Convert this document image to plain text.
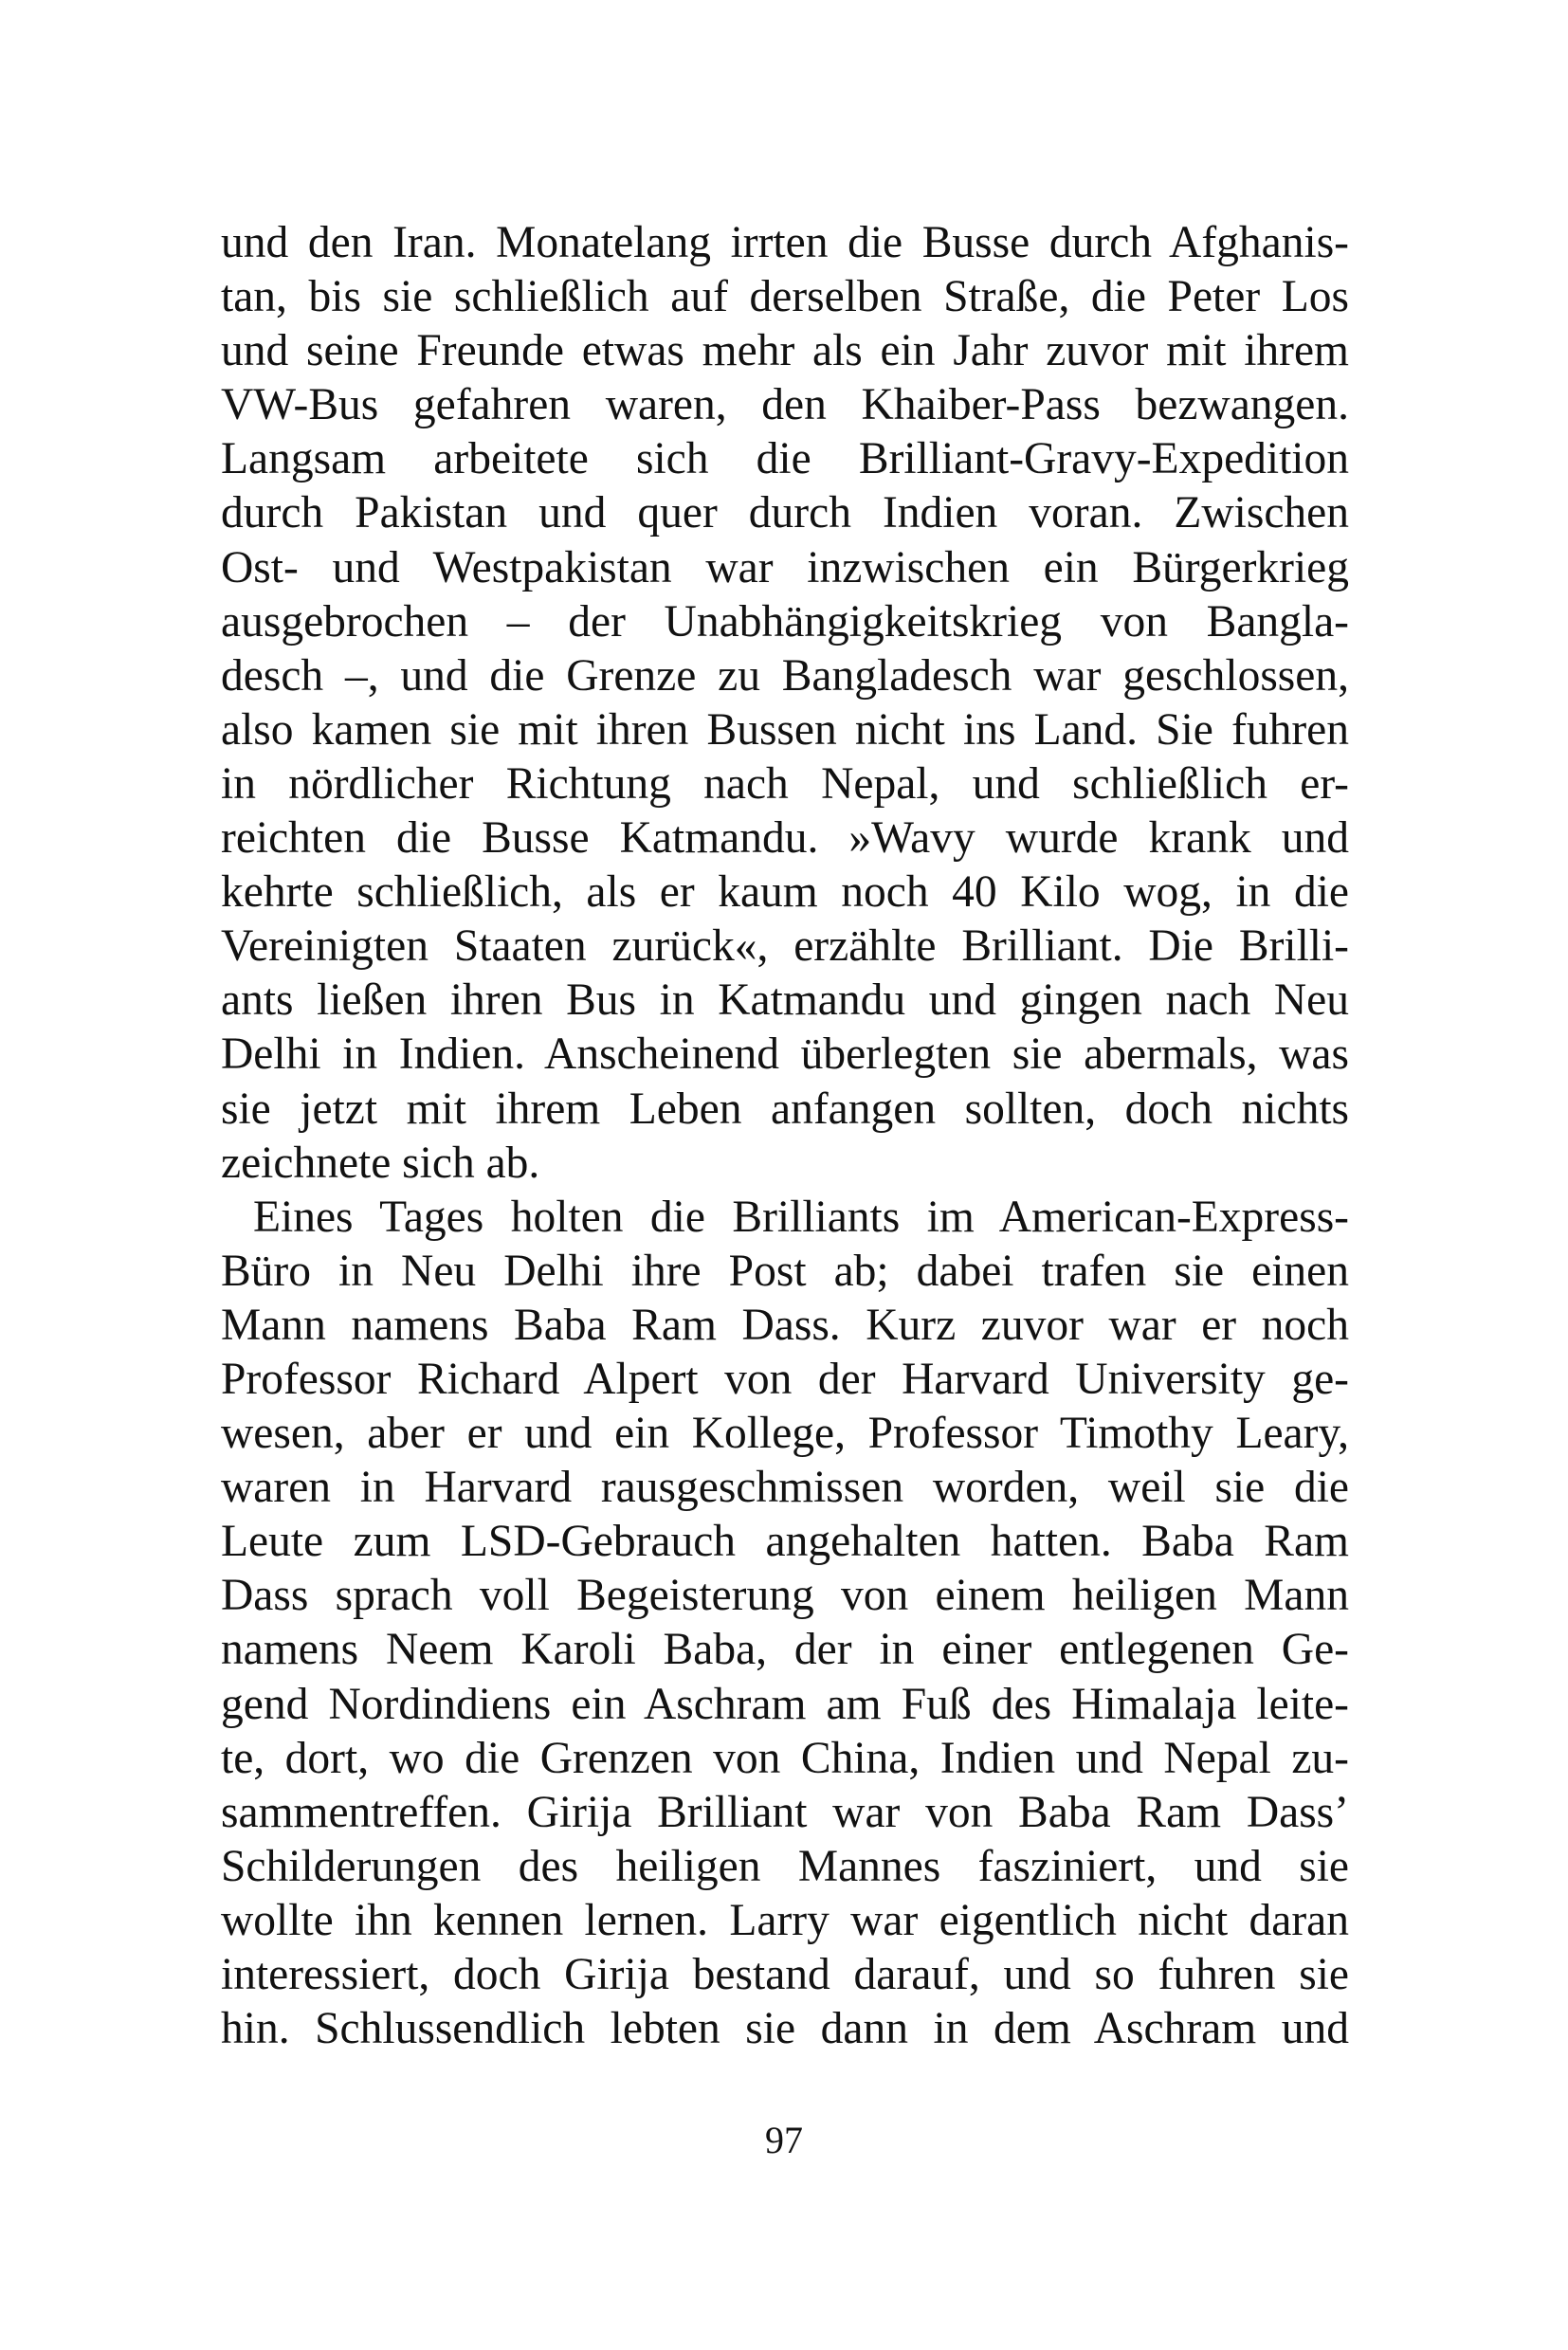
und den Iran. Monatelang irrten die Busse durch Afghanis-
tan, bis sie schließlich auf derselben Straße, die Peter Los
und seine Freunde etwas mehr als ein Jahr zuvor mit ihrem
VW-Bus gefahren waren, den Khaiber-Pass bezwangen.
Langsam arbeitete sich die Brilliant-Gravy-Expedition
durch Pakistan und quer durch Indien voran. Zwischen
Ost- und Westpakistan war inzwischen ein Bürgerkrieg
ausgebrochen – der Unabhängigkeitskrieg von Bangla-
desch –, und die Grenze zu Bangladesch war geschlossen,
also kamen sie mit ihren Bussen nicht ins Land. Sie fuhren
in nördlicher Richtung nach Nepal, und schließlich er-
reichten die Busse Katmandu. »Wavy wurde krank und
kehrte schließlich, als er kaum noch 40 Kilo wog, in die
Vereinigten Staaten zurück«, erzählte Brilliant. Die Brilli-
ants ließen ihren Bus in Katmandu und gingen nach Neu
Delhi in Indien. Anscheinend überlegten sie abermals, was
sie jetzt mit ihrem Leben anfangen sollten, doch nichts
zeichnete sich ab.
Eines Tages holten die Brilliants im American-Express-
Büro in Neu Delhi ihre Post ab; dabei trafen sie einen
Mann namens Baba Ram Dass. Kurz zuvor war er noch
Professor Richard Alpert von der Harvard University ge-
wesen, aber er und ein Kollege, Professor Timothy Leary,
waren in Harvard rausgeschmissen worden, weil sie die
Leute zum LSD-Gebrauch angehalten hatten. Baba Ram
Dass sprach voll Begeisterung von einem heiligen Mann
namens Neem Karoli Baba, der in einer entlegenen Ge-
gend Nordindiens ein Aschram am Fuß des Himalaja leite-
te, dort, wo die Grenzen von China, Indien und Nepal zu-
sammentreffen. Girija Brilliant war von Baba Ram Dass’
Schilderungen des heiligen Mannes fasziniert, und sie
wollte ihn kennen lernen. Larry war eigentlich nicht daran
interessiert, doch Girija bestand darauf, und so fuhren sie
hin. Schlussendlich lebten sie dann in dem Aschram und
97
